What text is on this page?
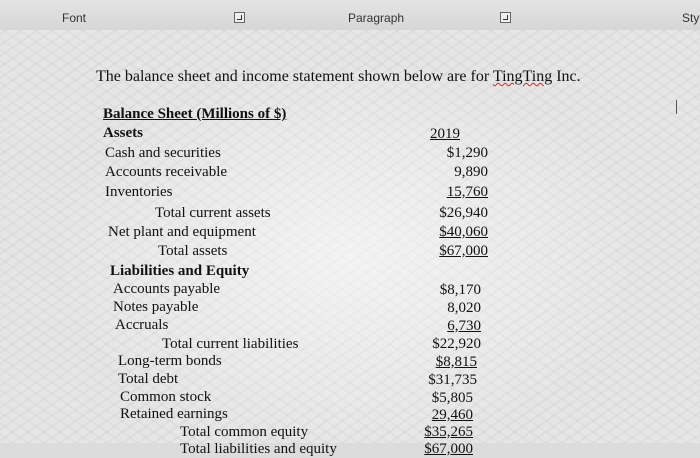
Font	Paragraph	Sty
The balance sheet and income statement shown below are for TingTing Inc.
Balance Sheet (Millions of $)
Assets	2019
Cash and securities	$1,290
Accounts receivable	9,890
Inventories	15,760
Total current assets	$26,940
Net plant and equipment	$40,060
Total assets	$67,000
Liabilities and Equity
Accounts payable	$8,170
Notes payable	8,020
Accruals	6,730
Total current liabilities	$22,920
Long-term bonds	$8,815
Total debt	$31,735
Common stock	$5,805
Retained earnings	29,460
Total common equity	$35,265
Total liabilities and equity	$67,000
